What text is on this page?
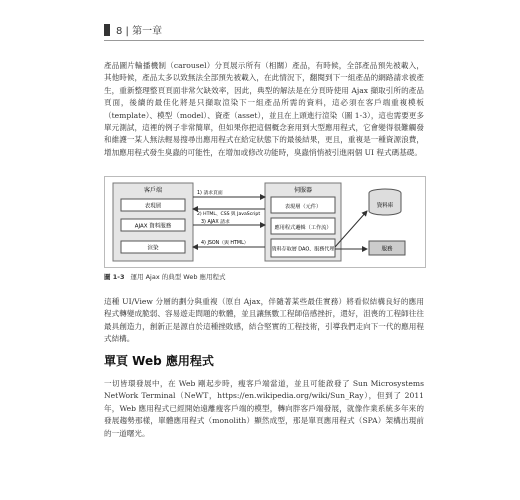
8 | 第一章
產品圖片輪播機制（carousel）分頁展示所有（相關）產品，有時候，全部產品預先被載入，其他時候，產品太多以致無法全部預先被載入，在此情況下，翻閱到下一組產品的網路請求被產生，重新整理整頁頁面非常欠缺效率，因此，典型的解法是在分頁時使用 Ajax 擷取引所的產品頁面，後續的最佳化將是只擷取渲染下一組產品所需的資料，這必須在客戶端重複模板（template）、模型（model）、資產（asset），並且在上頭進行渲染（圖 1-3），這也需要更多單元測試，這裡的例子非常簡單，但如果你把這個概念套用到大型應用程式，它會變得很難觸發和維護一某人無法輕易搜尋出應用程式在給定狀態下的最後結果，更且，重複是一種資源浪費，增加應用程式發生臭蟲的可能性，在增加或修改功能時，臭蟲悄悄被引進兩個 UI 程式碼基礎。
客戶端
表現層
AJAX 資料服務
渲染
伺服器
表現層（元件）
應用程式邏輯（工作流）
資料存取層 DAO、服務代理
1) 請求頁面
2) HTML、CSS 與 JavaScript
3) AJAX 請求
4) JSON（與 HTML）
資料庫
服務
圖 1-3 運用 Ajax 的典型 Web 應用程式
這種 UI/View 分層的劃分與重複（原自 Ajax，伴隨著某些最佳實務）將看似結構良好的應用程式轉變成脆弱、容易遊走問題的軟體，並且讓無數工程師倍感挫折，還好，沮喪的工程師往往最具創造力，創新正是源自於這種挫敗感，結合堅實的工程技術，引導我們走向下一代的應用程式結構。
單頁 Web 應用程式
一切皆環發展中，在 Web 剛起步時，瘦客戶端當道，並且可能啟發了 Sun Microsystems NetWork Terminal（NeWT，https://en.wikipedia.org/wiki/Sun_Ray），但到了 2011 年，Web 應用程式已經開始遠離瘦客戶端的模型，轉向胖客戶端發展，就像作業系統多年來的發展趨勢那樣，單體應用程式（monolith）顯然成型，那是單頁應用程式（SPA）架構出現前的一道曙光。
